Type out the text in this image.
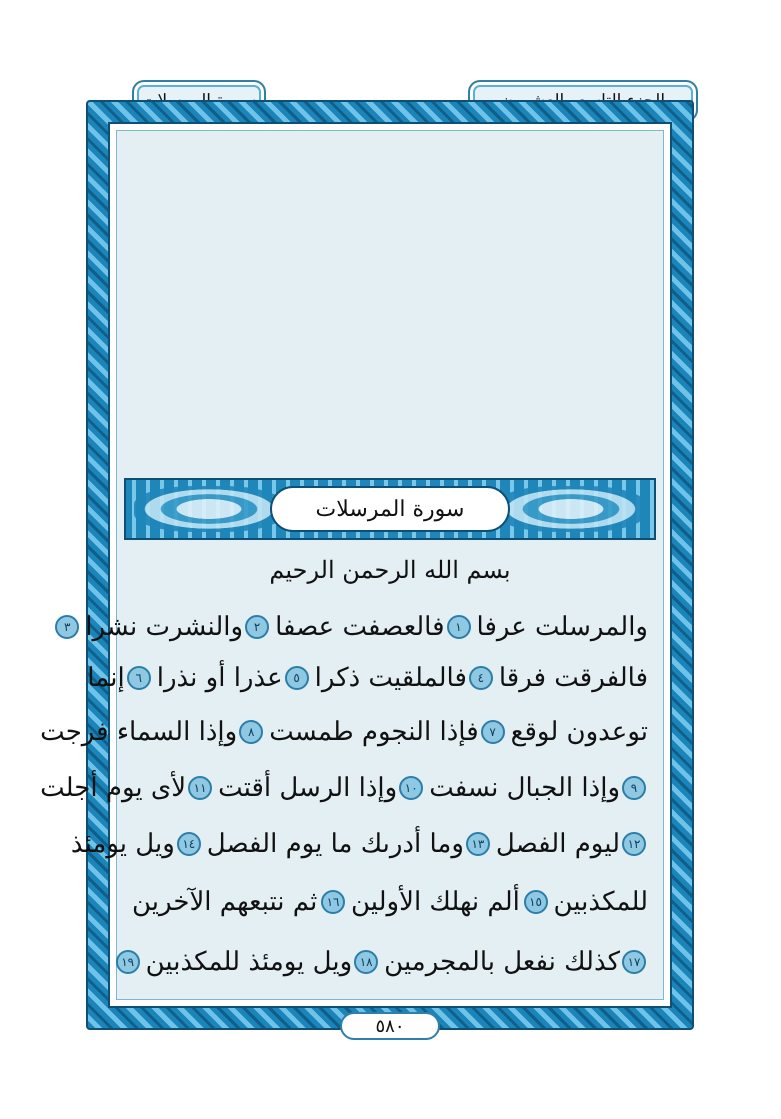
سورة المرسلات
بسم الله الرحمن الرحيم
والمرسلت عرفا
١
فالعصفت عصفا
٢
والنشرت نشرا
٣
فالفرقت فرقا
٤
فالملقيت ذكرا
٥
عذرا أو نذرا
٦
إنما
توعدون لوقع
٧
فإذا النجوم طمست
٨
وإذا السماء فرجت
٩
وإذا الجبال نسفت
١٠
وإذا الرسل أقتت
١١
لأى يوم أجلت
١٢
ليوم الفصل
١٣
وما أدرىك ما يوم الفصل
١٤
ويل يومئذ
للمكذبين
١٥
ألم نهلك الأولين
١٦
ثم نتبعهم الآخرين
١٧
كذلك نفعل بالمجرمين
١٨
ويل يومئذ للمكذبين
١٩
٥٨٠
